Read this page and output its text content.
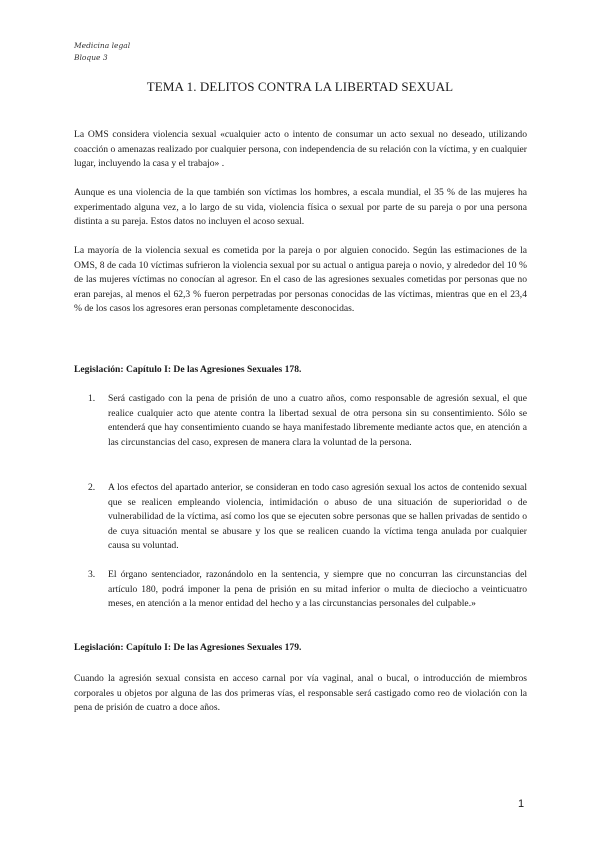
Medicina legal
Bloque 3
TEMA 1. DELITOS CONTRA LA LIBERTAD SEXUAL

La OMS considera violencia sexual «cualquier acto o intento de consumar un acto sexual no deseado, utilizando coacción o amenazas realizado por cualquier persona, con independencia de su relación con la víctima, y en cualquier lugar, incluyendo la casa y el trabajo» .

Aunque es una violencia de la que también son víctimas los hombres, a escala mundial, el 35 % de las mujeres ha experimentado alguna vez, a lo largo de su vida, violencia física o sexual por parte de su pareja o por una persona distinta a su pareja. Estos datos no incluyen el acoso sexual.

La mayoría de la violencia sexual es cometida por la pareja o por alguien conocido. Según las estimaciones de la OMS, 8 de cada 10 víctimas sufrieron la violencia sexual por su actual o antigua pareja o novio, y alrededor del 10 % de las mujeres víctimas no conocían al agresor. En el caso de las agresiones sexuales cometidas por personas que no eran parejas, al menos el 62,3 % fueron perpetradas por personas conocidas de las víctimas, mientras que en el 23,4 % de los casos los agresores eran personas completamente desconocidas.

Legislación: Capítulo I: De las Agresiones Sexuales 178.
1. Será castigado con la pena de prisión de uno a cuatro años, como responsable de agresión sexual, el que realice cualquier acto que atente contra la libertad sexual de otra persona sin su consentimiento. Sólo se entenderá que hay consentimiento cuando se haya manifestado libremente mediante actos que, en atención a las circunstancias del caso, expresen de manera clara la voluntad de la persona.
2. A los efectos del apartado anterior, se consideran en todo caso agresión sexual los actos de contenido sexual que se realicen empleando violencia, intimidación o abuso de una situación de superioridad o de vulnerabilidad de la víctima, así como los que se ejecuten sobre personas que se hallen privadas de sentido o de cuya situación mental se abusare y los que se realicen cuando la víctima tenga anulada por cualquier causa su voluntad.
3. El órgano sentenciador, razonándolo en la sentencia, y siempre que no concurran las circunstancias del artículo 180, podrá imponer la pena de prisión en su mitad inferior o multa de dieciocho a veinticuatro meses, en atención a la menor entidad del hecho y a las circunstancias personales del culpable.»
Legislación: Capítulo I: De las Agresiones Sexuales 179.

Cuando la agresión sexual consista en acceso carnal por vía vaginal, anal o bucal, o introducción de miembros corporales u objetos por alguna de las dos primeras vías, el responsable será castigado como reo de violación con la pena de prisión de cuatro a doce años.

1
